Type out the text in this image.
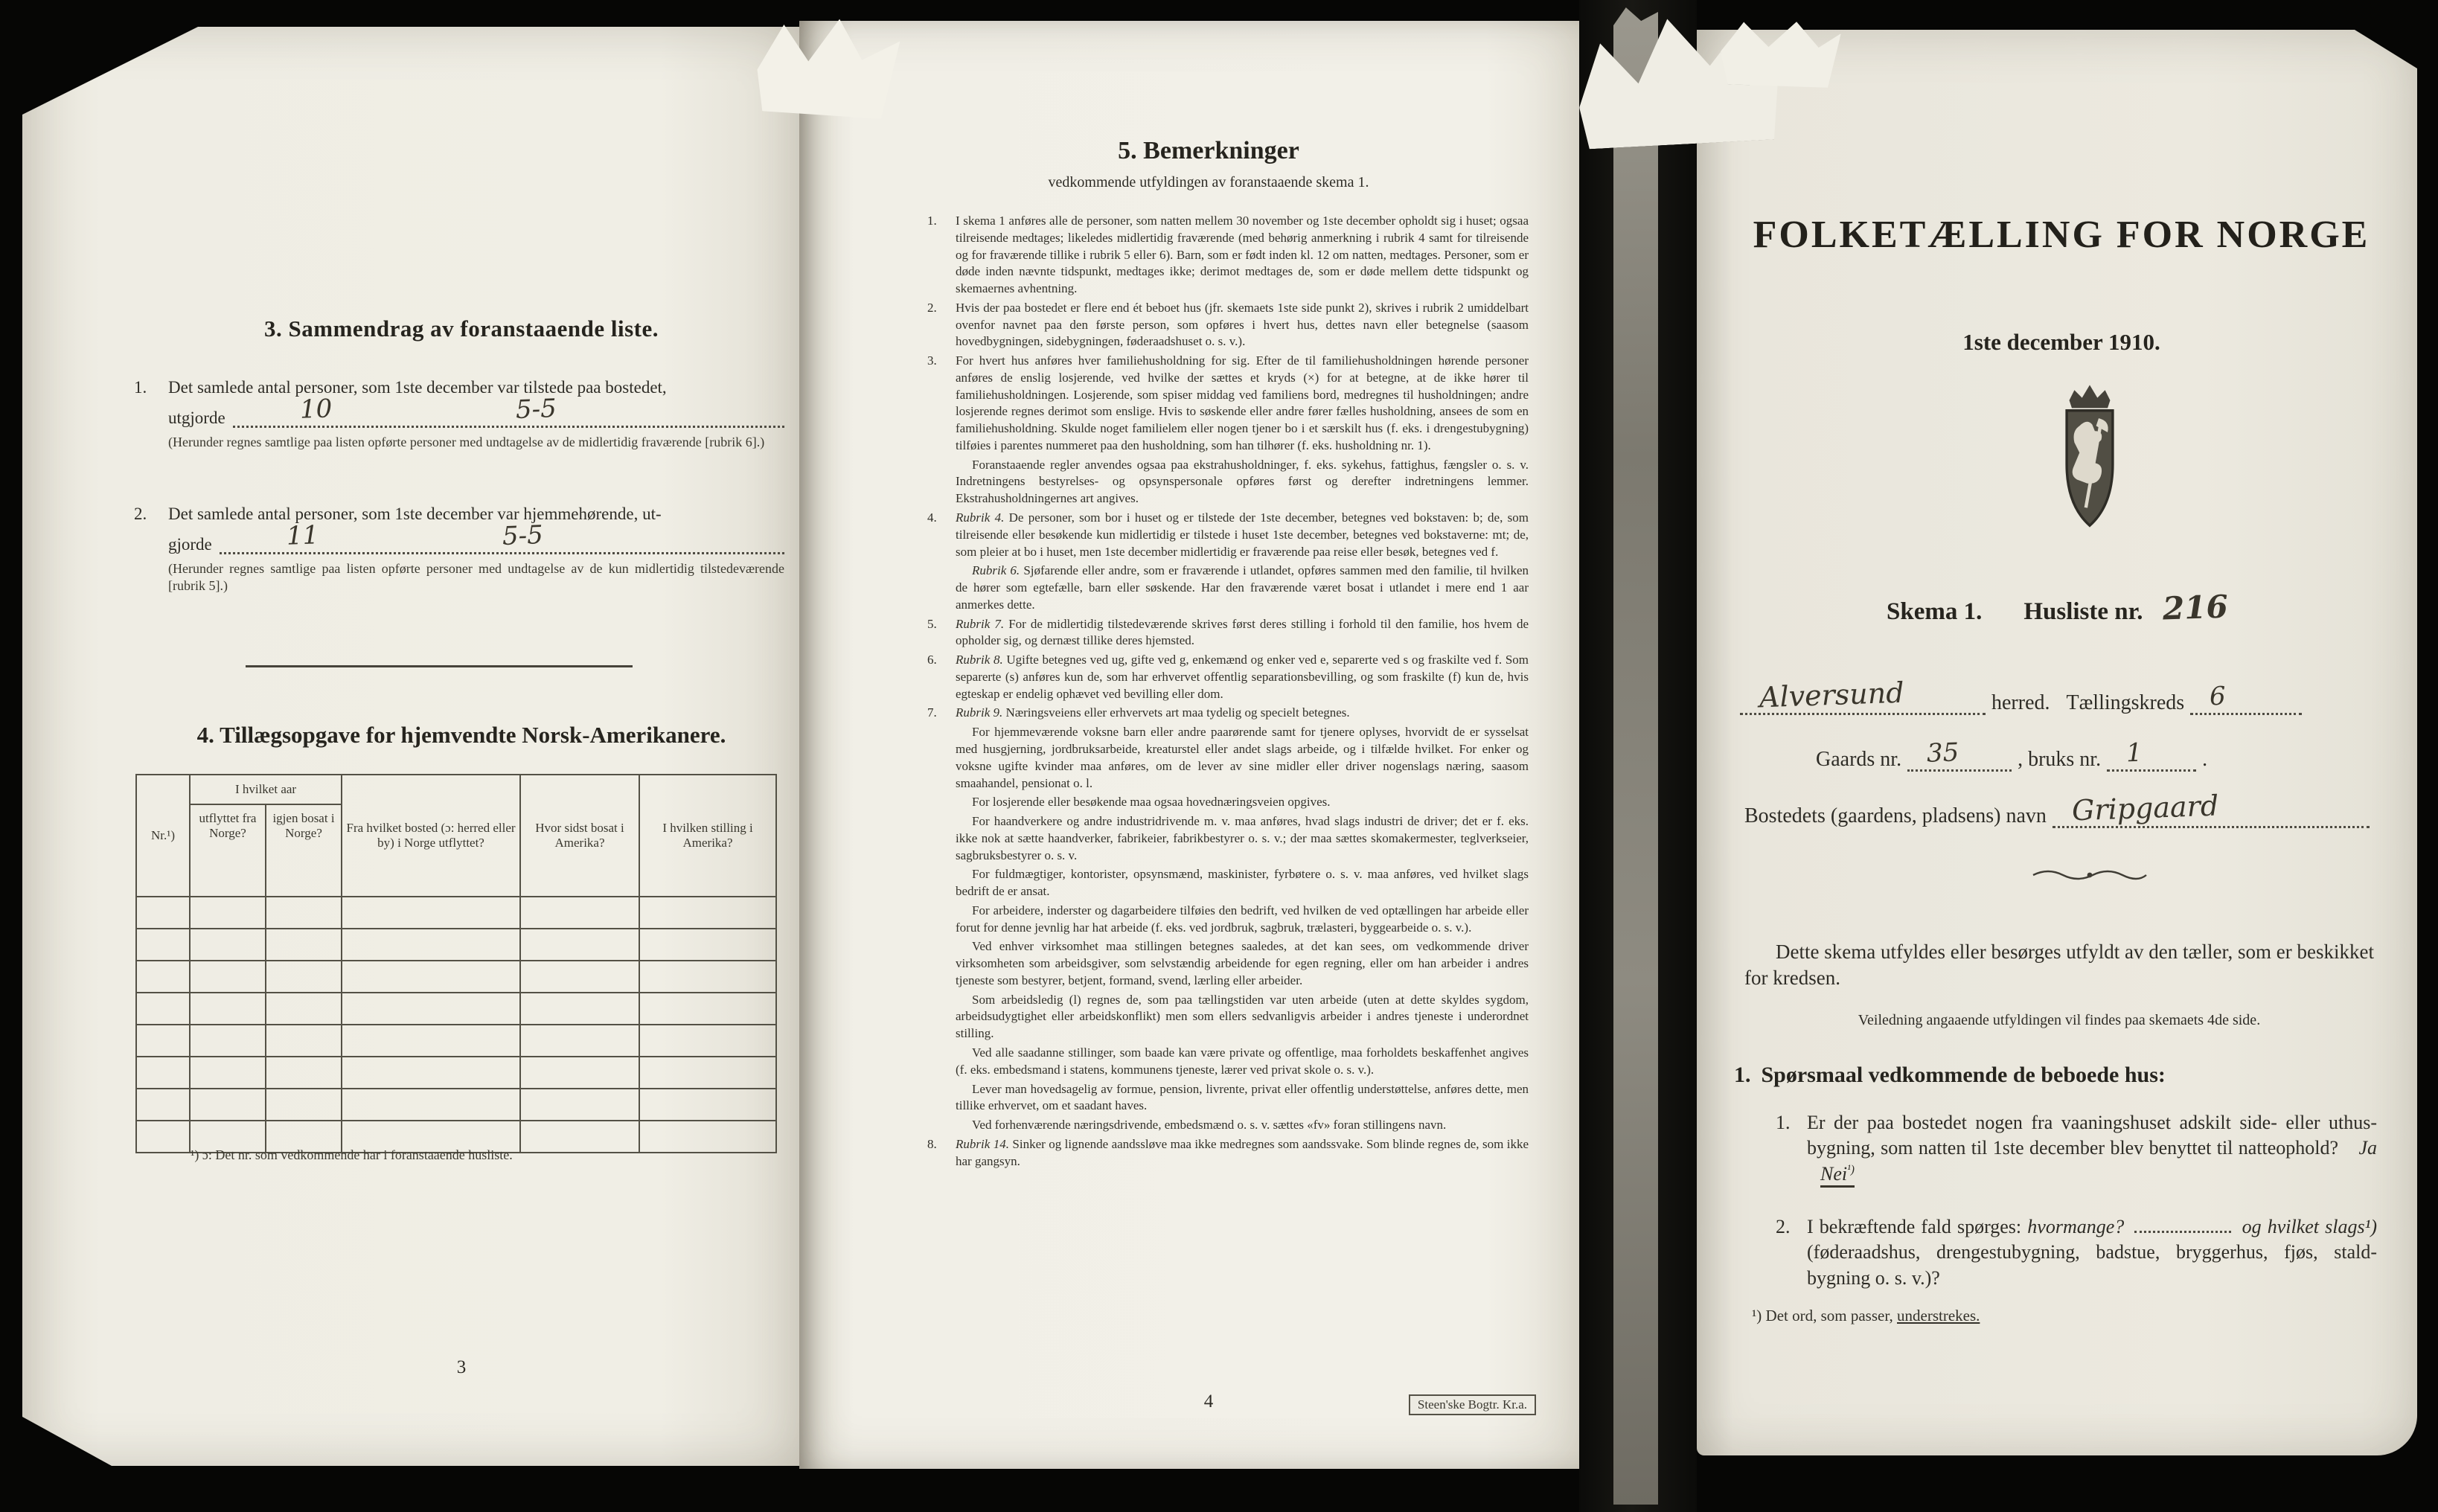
3. Sammendrag av foranstaaende liste.
1.	Det samlede antal personer, som 1ste december var tilstede paa bostedet,

utgjorde	10	5-5

(Herunder regnes samtlige paa listen opførte personer med undtagelse av de midlertidig fraværende [rubrik 6].)

2.	Det samlede antal personer, som 1ste december var hjemmehørende, ut-

gjorde	11	5-5

(Herunder regnes samtlige paa listen opførte personer med undtagelse av de kun midlertidig tilstedeværende [rubrik 5].)

4. Tillægsopgave for hjemvendte Norsk-Amerikanere.
Nr.¹)	I hvilket aar		Fra hvilket bosted (ɔ: herred eller by) i Norge utflyttet?	Hvor sidst bosat i Amerika?	I hvilken stilling i Amerika?
	utflyttet fra Norge?	igjen bosat i Norge?			

¹) ɔ: Det nr. som vedkommende har i foranstaaende husliste.
3
5. Bemerkninger

vedkommende utfyldingen av foranstaaende skema 1.

1.	I skema 1 anføres alle de personer, som natten mellem 30 november og 1ste december opholdt sig i huset; ogsaa tilreisende medtages; likeledes midlertidig fraværende (med behørig anmerkning i rubrik 4 samt for tilreisende og for fraværende tillike i rubrik 5 eller 6). Barn, som er født inden kl. 12 om natten, medtages. Personer, som er døde inden nævnte tidspunkt, medtages ikke; derimot medtages de, som er døde mellem dette tidspunkt og skemaernes avhentning.

2.	Hvis der paa bostedet er flere end ét beboet hus (jfr. skemaets 1ste side punkt 2), skrives i rubrik 2 umiddelbart ovenfor navnet paa den første person, som opføres i hvert hus, dettes navn eller betegnelse (saasom hovedbygningen, sidebygningen, føderaadshuset o. s. v.).

3.	For hvert hus anføres hver familiehusholdning for sig. Efter de til familiehusholdningen hørende personer anføres de enslig losjerende, ved hvilke der sættes et kryds (×) for at betegne, at de ikke hører til familiehusholdningen. Losjerende, som spiser middag ved familiens bord, medregnes til husholdningen; andre losjerende regnes derimot som enslige. Hvis to søskende eller andre fører fælles husholdning, ansees de som en familiehusholdning. Skulde noget familielem eller nogen tjener bo i et særskilt hus (f. eks. i drengestubygning) tilføies i parentes nummeret paa den husholdning, som han tilhører (f. eks. husholdning nr. 1).

Foranstaaende regler anvendes ogsaa paa ekstrahusholdninger, f. eks. sykehus, fattighus, fængsler o. s. v. Indretningens bestyrelses- og opsynspersonale opføres først og derefter indretningens lemmer. Ekstrahusholdningernes art angives.

4.	Rubrik 4. De personer, som bor i huset og er tilstede der 1ste december, betegnes ved bokstaven: b; de, som tilreisende eller besøkende kun midlertidig er tilstede i huset 1ste december, betegnes ved bokstaverne: mt; de, som pleier at bo i huset, men 1ste december midlertidig er fraværende paa reise eller besøk, betegnes ved f.

Rubrik 6. Sjøfarende eller andre, som er fraværende i utlandet, opføres sammen med den familie, til hvilken de hører som egtefælle, barn eller søskende. Har den fraværende været bosat i utlandet i mere end 1 aar anmerkes dette.

5.	Rubrik 7. For de midlertidig tilstedeværende skrives først deres stilling i forhold til den familie, hos hvem de opholder sig, og dernæst tillike deres hjemsted.

6.	Rubrik 8. Ugifte betegnes ved ug, gifte ved g, enkemænd og enker ved e, separerte ved s og fraskilte ved f. Som separerte (s) anføres kun de, som har erhvervet offentlig separationsbevilling, og som fraskilte (f) kun de, hvis egteskap er endelig ophævet ved bevilling eller dom.

7.	Rubrik 9. Næringsveiens eller erhvervets art maa tydelig og specielt betegnes.

For hjemmeværende voksne barn eller andre paarørende samt for tjenere oplyses, hvorvidt de er sysselsat med husgjerning, jordbruksarbeide, kreaturstel eller andet slags arbeide, og i tilfælde hvilket. For enker og voksne ugifte kvinder maa anføres, om de lever av sine midler eller driver nogenslags næring, saasom smaahandel, pensionat o. l.

For losjerende eller besøkende maa ogsaa hovednæringsveien opgives.

For haandverkere og andre industridrivende m. v. maa anføres, hvad slags industri de driver; det er f. eks. ikke nok at sætte haandverker, fabrikeier, fabrikbestyrer o. s. v.; der maa sættes skomakermester, teglverkseier, sagbruksbestyrer o. s. v.

For fuldmægtiger, kontorister, opsynsmænd, maskinister, fyrbøtere o. s. v. maa anføres, ved hvilket slags bedrift de er ansat.

For arbeidere, inderster og dagarbeidere tilføies den bedrift, ved hvilken de ved optællingen har arbeide eller forut for denne jevnlig har hat arbeide (f. eks. ved jordbruk, sagbruk, trælasteri, byggearbeide o. s. v.).

Ved enhver virksomhet maa stillingen betegnes saaledes, at det kan sees, om vedkommende driver virksomheten som arbeidsgiver, som selvstændig arbeidende for egen regning, eller om han arbeider i andres tjeneste som bestyrer, betjent, formand, svend, lærling eller arbeider.

Som arbeidsledig (l) regnes de, som paa tællingstiden var uten arbeide (uten at dette skyldes sygdom, arbeidsudygtighet eller arbeidskonflikt) men som ellers sedvanligvis arbeider i andres tjeneste i underordnet stilling.

Ved alle saadanne stillinger, som baade kan være private og offentlige, maa forholdets beskaffenhet angives (f. eks. embedsmand i statens, kommunens tjeneste, lærer ved privat skole o. s. v.).

Lever man hovedsagelig av formue, pension, livrente, privat eller offentlig understøttelse, anføres dette, men tillike erhvervet, om et saadant haves.

Ved forhenværende næringsdrivende, embedsmænd o. s. v. sættes «fv» foran stillingens navn.

8.	Rubrik 14. Sinker og lignende aandssløve maa ikke medregnes som aandssvake. Som blinde regnes de, som ikke har gangsyn.

4	Steen'ske Bogtr. Kr.a.
FOLKETÆLLING FOR NORGE
1ste december 1910.
Skema 1. Husliste nr. 216
Alversund	herred. Tællingskreds 6
Gaards nr. 35	, bruks nr. 1	.
Bostedets (gaardens, pladsens) navn Gripgaard

Dette skema utfyldes eller besørges utfyldt av den tæller, som er beskikket for kredsen.

Veiledning angaaende utfyldingen vil findes paa skemaets 4de side.
1. Spørsmaal vedkommende de beboede hus:
1. Er der paa bostedet nogen fra vaaningshuset adskilt side- eller uthus-bygning, som natten til 1ste december blev benyttet til natteophold? Ja Nei$^{^1)}$

2. I bekræftende fald spørges: hvormange?	og hvilket slags¹) (føderaadshus, drengestubygning, badstue, bryggerhus, fjøs, stald-bygning o. s. v.)?

¹) Det ord, som passer, understrekes.
